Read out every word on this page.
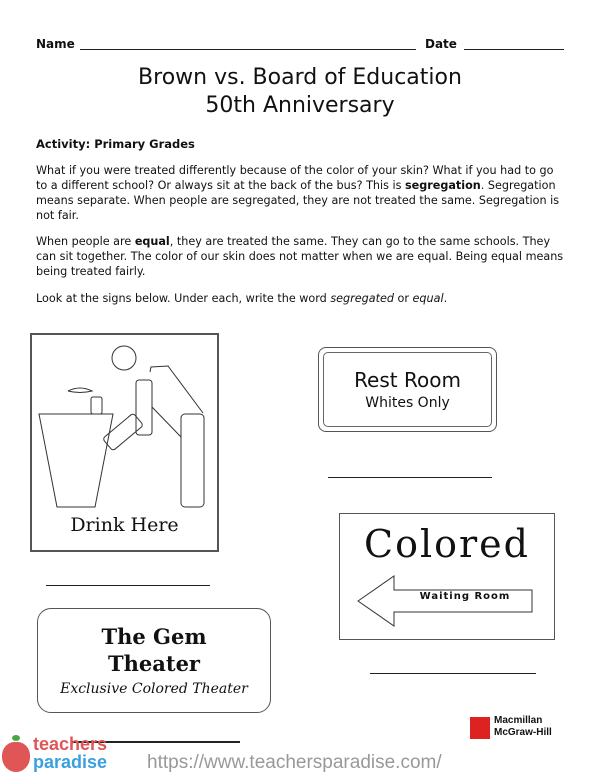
Name	Date
Brown vs. Board of Education
50th Anniversary
Activity: Primary Grades
What if you were treated differently because of the color of your skin? What if you had to go to a different school? Or always sit at the back of the bus? This is segregation. Segregation means separate. When people are segregated, they are not treated the same. Segregation is not fair.
When people are equal, they are treated the same. They can go to the same schools. They can sit together. The color of our skin does not matter when we are equal. Being equal means being treated fairly.
Look at the signs below. Under each, write the word segregated or equal.
Drink Here
Rest Room
Whites Only
Colored
Waiting Room
The Gem
Theater
Exclusive Colored Theater
Macmillan
McGraw-Hill
teachers
paradise https://www.teachersparadise.com/
